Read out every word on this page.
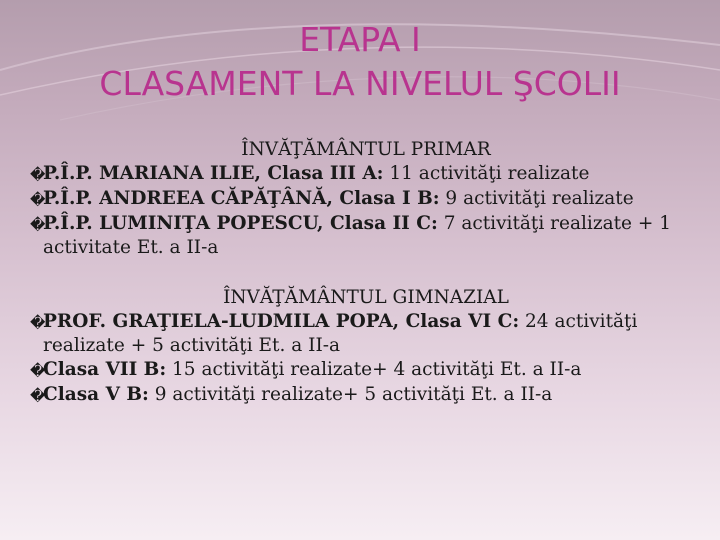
ETAPA I
CLASAMENT LA NIVELUL ŞCOLII
ÎNVĂŢĂMÂNTUL PRIMAR
�
P.Î.P. MARIANA ILIE, Clasa III A: 11 activităţi realizate
�
P.Î.P. ANDREEA CĂPĂŢÂNĂ, Clasa I B: 9 activităţi realizate
�
P.Î.P. LUMINIŢA POPESCU, Clasa II C: 7 activităţi realizate + 1 activitate Et. a II-a
ÎNVĂŢĂMÂNTUL GIMNAZIAL
�
PROF. GRAŢIELA-LUDMILA POPA, Clasa VI C: 24 activităţi realizate + 5 activităţi Et. a II-a
�
Clasa VII B: 15 activităţi realizate+ 4 activităţi Et. a II-a
�
Clasa V B: 9 activităţi realizate+ 5 activităţi Et. a II-a
